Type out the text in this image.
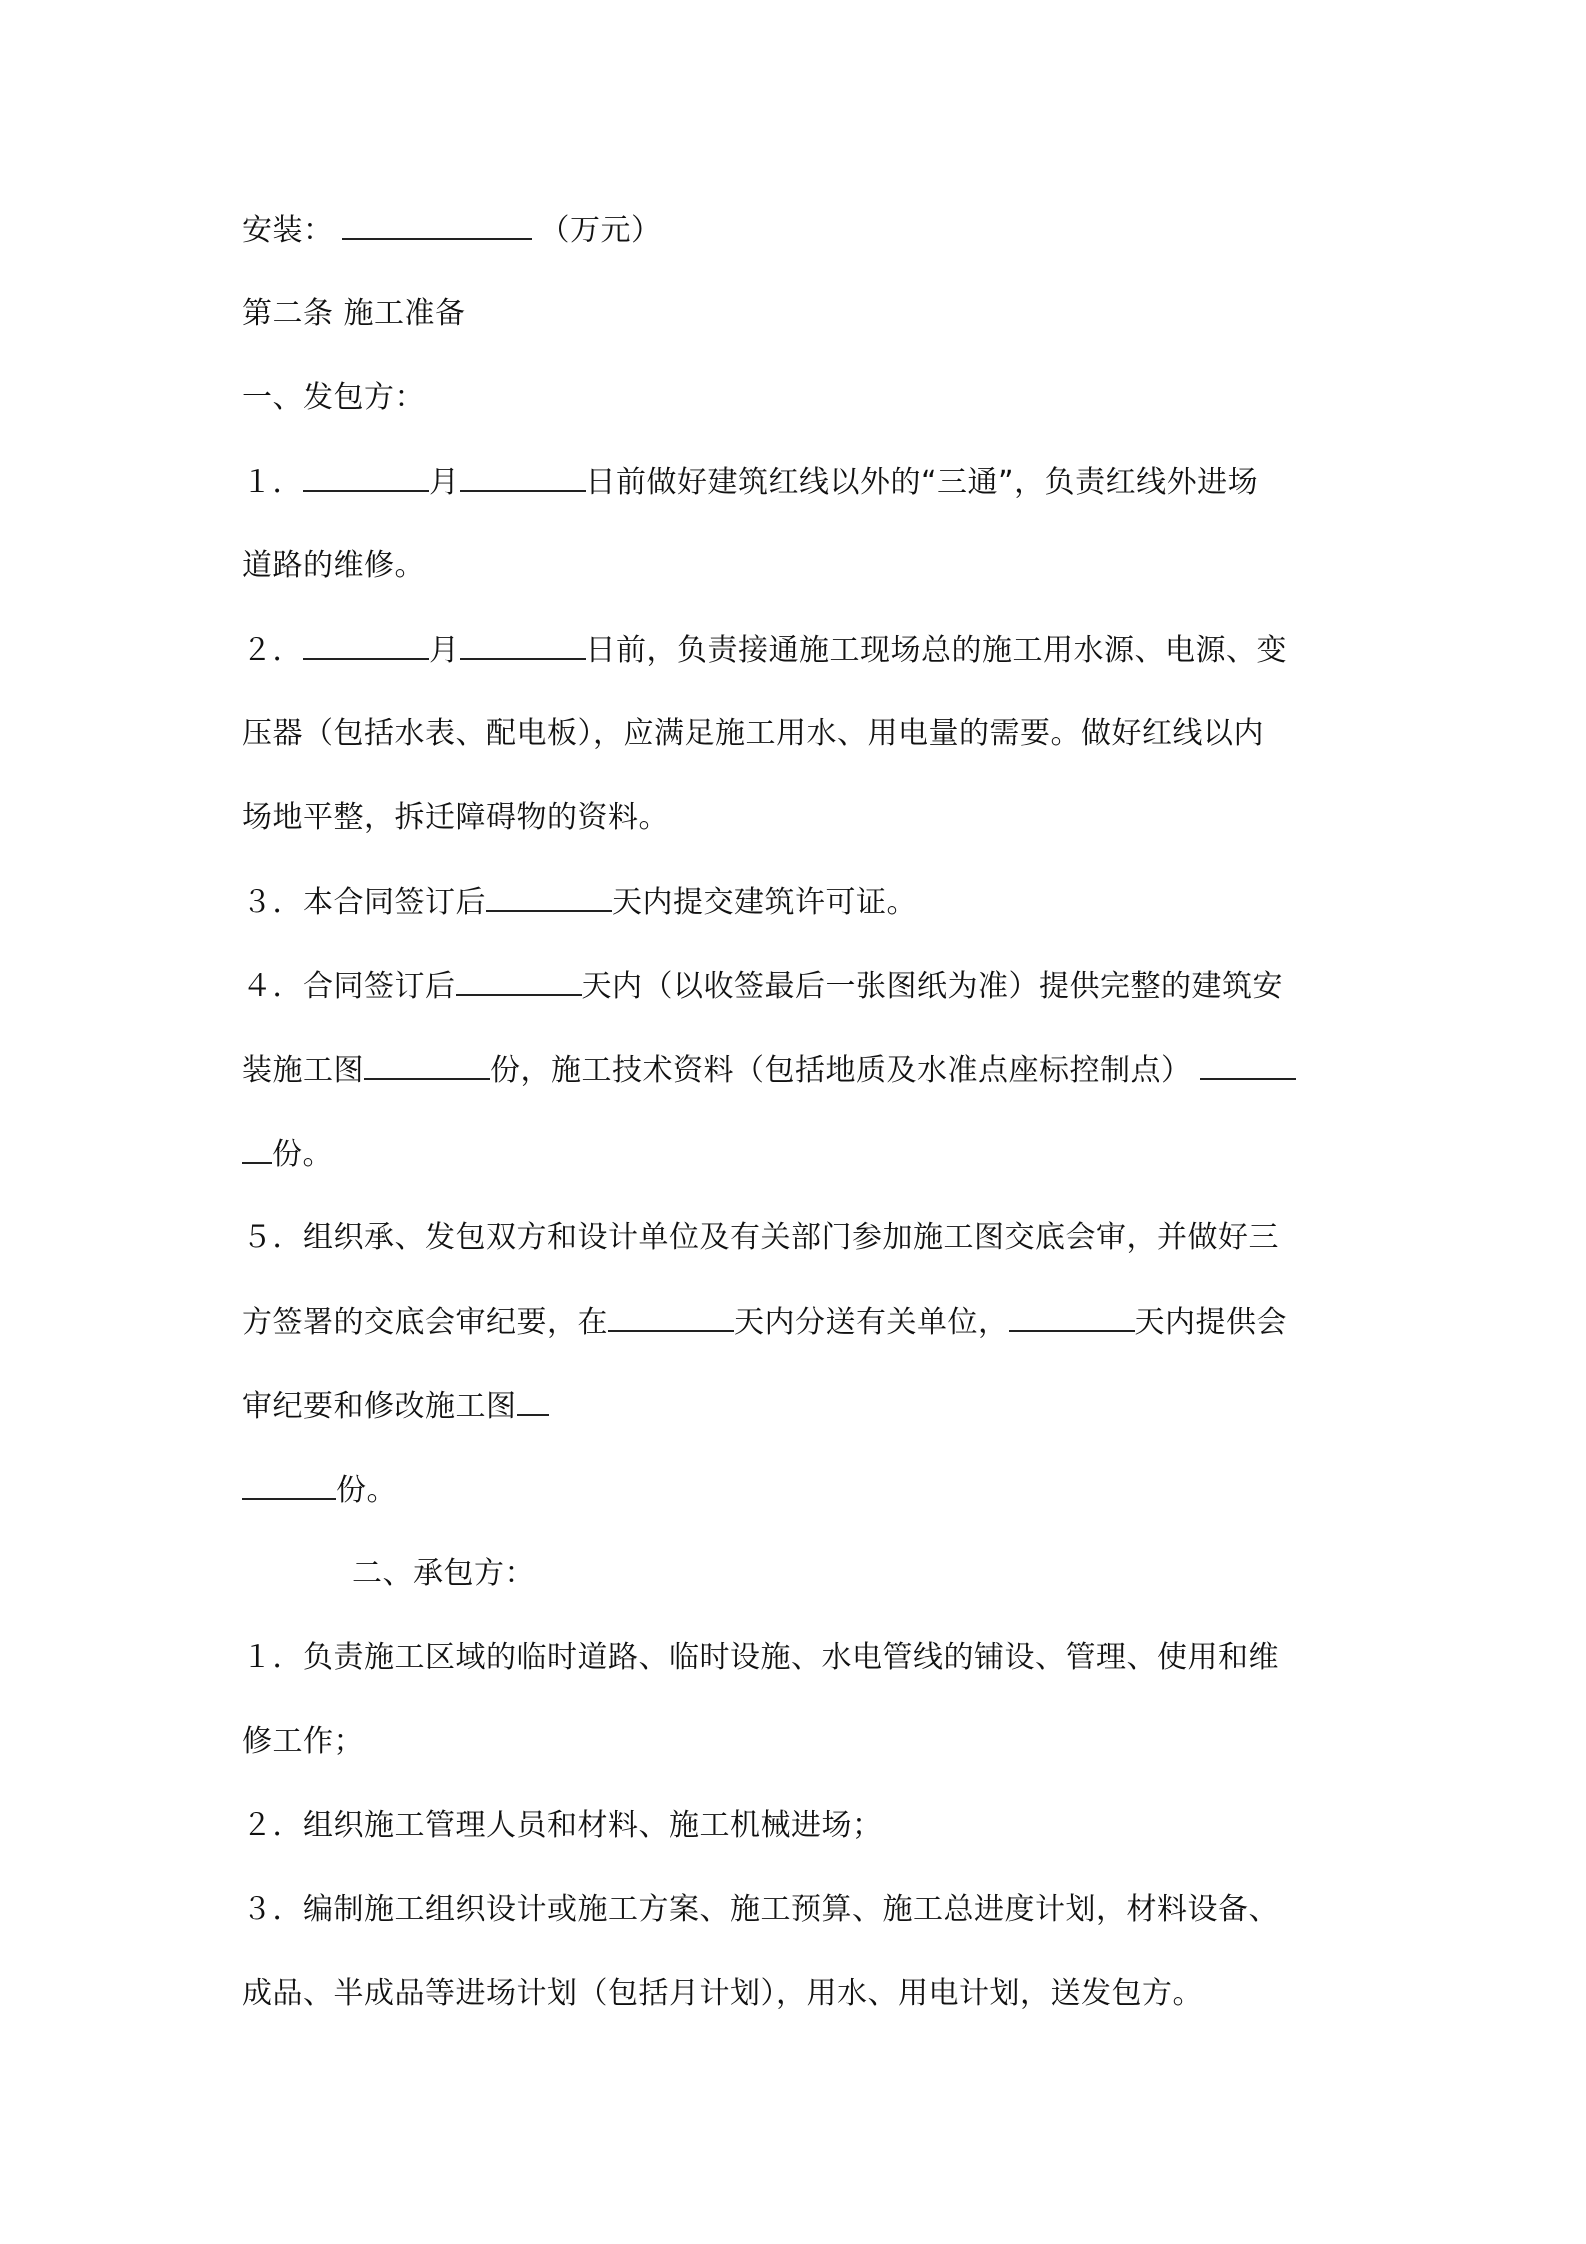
安装：	（万元）
第二条 施工准备
一、发包方：
１．	月	日前做好建筑红线以外的“三通”，负责红线外进场
道路的维修。
２．	月	日前，负责接通施工现场总的施工用水源、电源、变
压器（包括水表、配电板），应满足施工用水、用电量的需要。做好红线以内
场地平整，拆迁障碍物的资料。
３．本合同签订后	天内提交建筑许可证。
４．合同签订后	天内（以收签最后一张图纸为准）提供完整的建筑安
装施工图	份，施工技术资料（包括地质及水准点座标控制点）
份。
５．组织承、发包双方和设计单位及有关部门参加施工图交底会审，并做好三
方签署的交底会审纪要，在	天内分送有关单位，	天内提供会
审纪要和修改施工图
份。
二、承包方：
１．负责施工区域的临时道路、临时设施、水电管线的铺设、管理、使用和维
修工作；
２．组织施工管理人员和材料、施工机械进场；
３．编制施工组织设计或施工方案、施工预算、施工总进度计划，材料设备、
成品、半成品等进场计划（包括月计划），用水、用电计划，送发包方。
